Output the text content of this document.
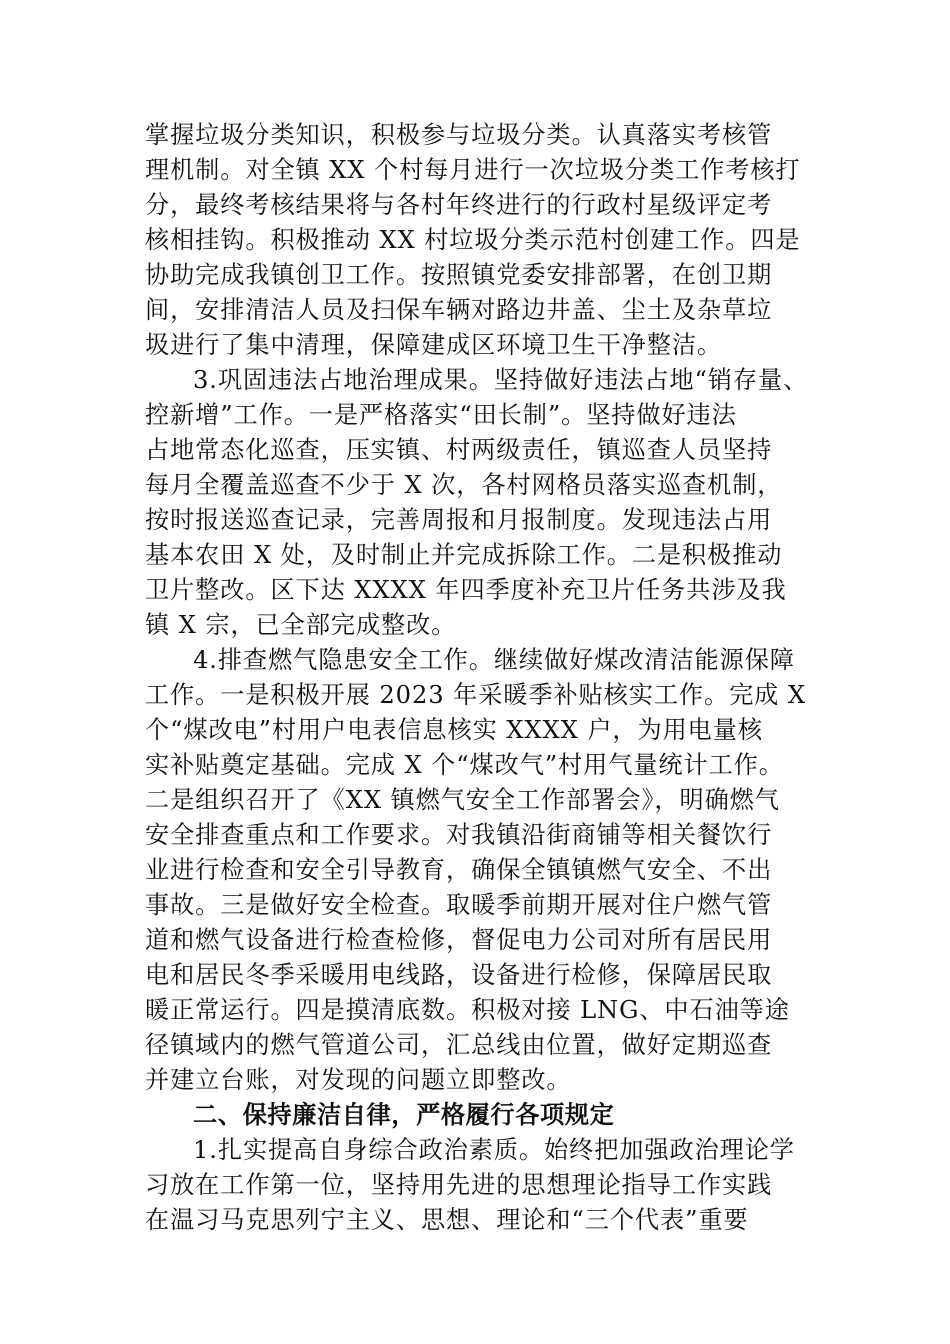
掌握垃圾分类知识，积极参与垃圾分类。认真落实考核管
理机制。对全镇 XX 个村每月进行一次垃圾分类工作考核打
分，最终考核结果将与各村年终进行的行政村星级评定考
核相挂钩。积极推动 XX 村垃圾分类示范村创建工作。四是
协助完成我镇创卫工作。按照镇党委安排部署，在创卫期
间，安排清洁人员及扫保车辆对路边井盖、尘土及杂草垃
圾进行了集中清理，保障建成区环境卫生干净整洁。
3.巩固违法占地治理成果。坚持做好违法占地“销存量、
控新增”工作。一是严格落实“田长制”。坚持做好违法
占地常态化巡查，压实镇、村两级责任，镇巡查人员坚持
每月全覆盖巡查不少于 X 次，各村网格员落实巡查机制，
按时报送巡查记录，完善周报和月报制度。发现违法占用
基本农田 X 处，及时制止并完成拆除工作。二是积极推动
卫片整改。区下达 XXXX 年四季度补充卫片任务共涉及我
镇 X 宗，已全部完成整改。
4.排查燃气隐患安全工作。继续做好煤改清洁能源保障
工作。一是积极开展 2023 年采暖季补贴核实工作。完成 X
个“煤改电”村用户电表信息核实 XXXX 户，为用电量核
实补贴奠定基础。完成 X 个“煤改气”村用气量统计工作。
二是组织召开了《XX 镇燃气安全工作部署会》，明确燃气
安全排查重点和工作要求。对我镇沿街商铺等相关餐饮行
业进行检查和安全引导教育，确保全镇镇燃气安全、不出
事故。三是做好安全检查。取暖季前期开展对住户燃气管
道和燃气设备进行检查检修，督促电力公司对所有居民用
电和居民冬季采暖用电线路，设备进行检修，保障居民取
暖正常运行。四是摸清底数。积极对接 LNG、中石油等途
径镇域内的燃气管道公司，汇总线由位置，做好定期巡查
并建立台账，对发现的问题立即整改。
二、保持廉洁自律，严格履行各项规定
1.扎实提高自身综合政治素质。始终把加强政治理论学
习放在工作第一位，坚持用先进的思想理论指导工作实践
在温习马克思列宁主义、思想、理论和“三个代表”重要
